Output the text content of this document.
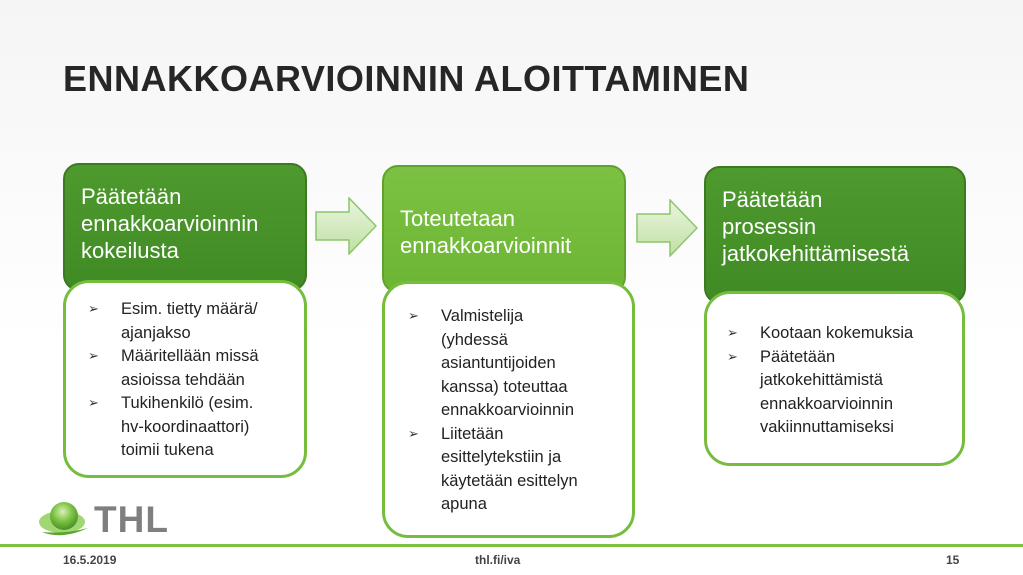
ENNAKKOARVIOINNIN ALOITTAMINEN
Päätetään
ennakkoarvioinnin
kokeilusta
➢ Esim. tietty määrä/
ajanjakso
➢ Määritellään missä
asioissa tehdään
➢ Tukihenkilö (esim.
hv-koordinaattori)
toimii tukena
Toteutetaan
ennakkoarvioinnit
➢ Valmistelija
(yhdessä
asiantuntijoiden
kanssa) toteuttaa
ennakkoarvioinnin
➢ Liitetään
esittelytekstiin ja
käytetään esittelyn
apuna
Päätetään
prosessin
jatkokehittämisestä
➢ Kootaan kokemuksia
➢ Päätetään
jatkokehittämistä
ennakkoarvioinnin
vakiinnuttamiseksi
THL
16.5.2019	thl.fi/iva	15
